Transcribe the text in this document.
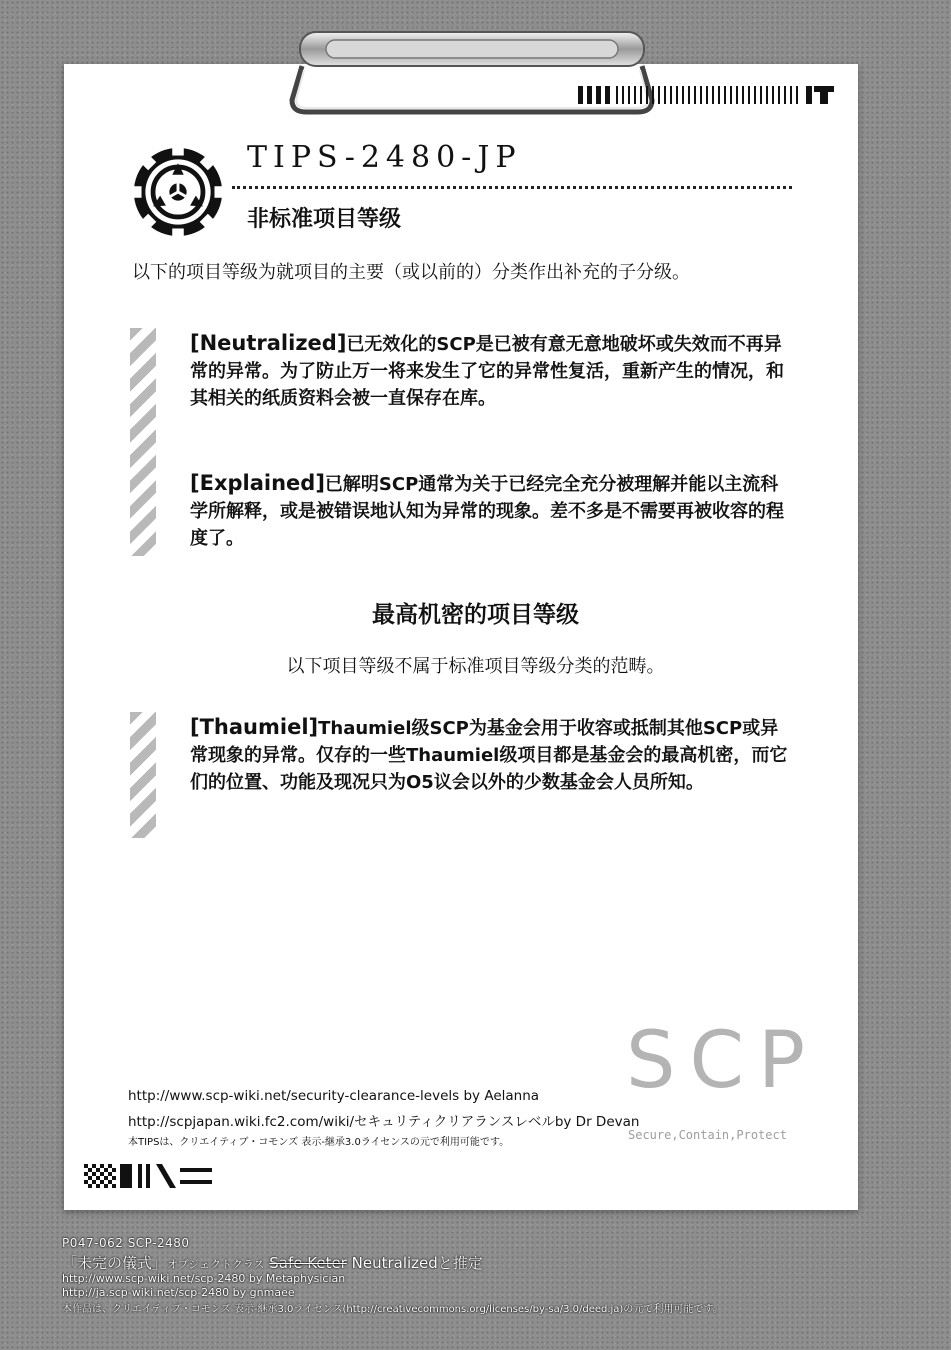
TIPS-2480-JP
非标准项目等级

以下的项目等级为就项目的主要（或以前的）分类作出补充的子分级。

[Neutralized]已无效化的SCP是已被有意无意地破坏或失效而不再异常的异常。为了防止万一将来发生了它的异常性复活，重新产生的情况，和其相关的纸质资料会被一直保存在库。

[Explained]已解明SCP通常为关于已经完全充分被理解并能以主流科学所解释，或是被错误地认知为异常的现象。差不多是不需要再被收容的程度了。

最高机密的项目等级

以下项目等级不属于标准项目等级分类的范畴。

[Thaumiel]Thaumiel级SCP为基金会用于收容或抵制其他SCP或异常现象的异常。仅存的一些Thaumiel级项目都是基金会的最高机密，而它们的位置、功能及现况只为O5议会以外的少数基金会人员所知。

http://www.scp-wiki.net/security-clearance-levels by Aelanna

http://scpjapan.wiki.fc2.com/wiki/セキュリティクリアランスレベルby Dr Devan

本TIPSは、クリエイティブ・コモンズ 表示-継承3.0ライセンスの元で利用可能です。

SCP

Secure,Contain,Protect

P047-062 SCP-2480

「未完の儀式」オブジェクトクラス Safe Keter Neutralizedと推定

http://www.scp-wiki.net/scp-2480 by Metaphysician

http://ja.scp-wiki.net/scp-2480 by gnmaee

本作品は、クリエイティブ・コモンズ 表示-継承3.0ライセンス(http://creativecommons.org/licenses/by-sa/3.0/deed.ja)の元で利用可能です。
